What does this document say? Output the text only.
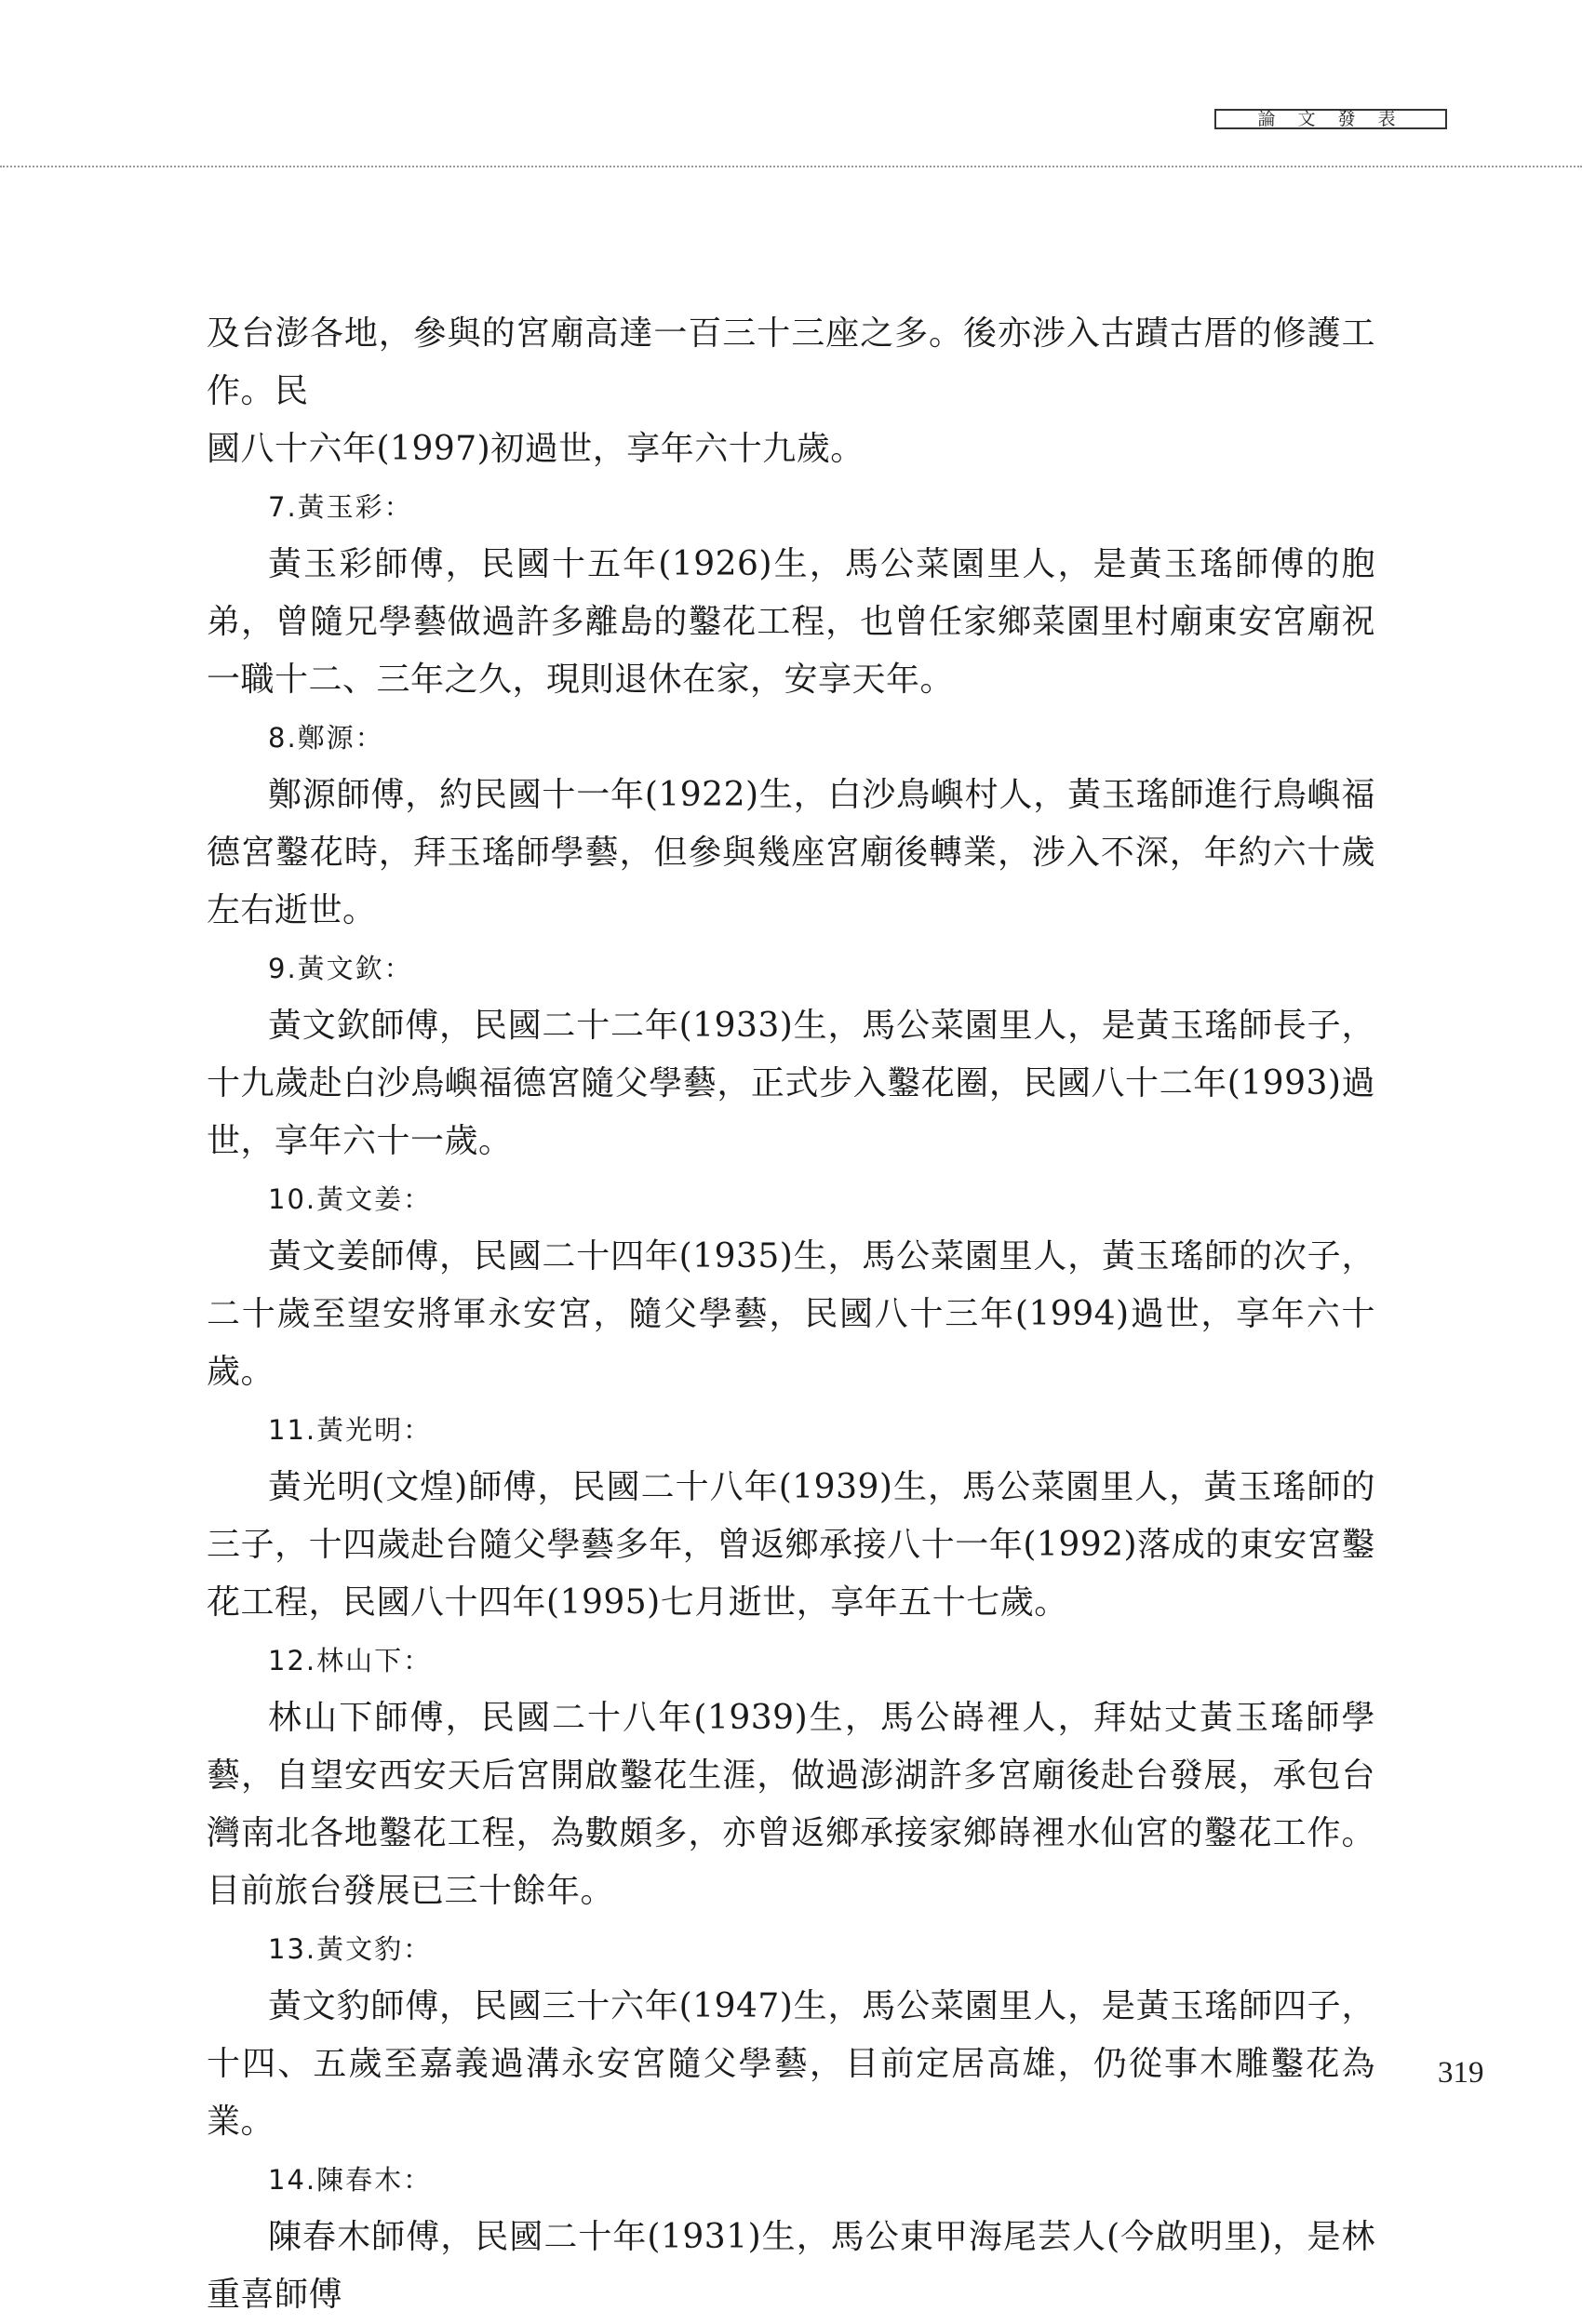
論 文 發 表

及台澎各地，參與的宮廟高達一百三十三座之多。後亦涉入古蹟古厝的修護工作。民

國八十六年(1997)初過世，享年六十九歲。

7.黃玉彩：

黃玉彩師傅，民國十五年(1926)生，馬公菜園里人，是黃玉瑤師傅的胞弟，曾隨兄學藝做過許多離島的鑿花工程，也曾任家鄉菜園里村廟東安宮廟祝一職十二、三年之久，現則退休在家，安享天年。

8.鄭源：

鄭源師傅，約民國十一年(1922)生，白沙鳥嶼村人，黃玉瑤師進行鳥嶼福德宮鑿花時，拜玉瑤師學藝，但參與幾座宮廟後轉業，涉入不深，年約六十歲左右逝世。

9.黃文欽：

黃文欽師傅，民國二十二年(1933)生，馬公菜園里人，是黃玉瑤師長子，十九歲赴白沙鳥嶼福德宮隨父學藝，正式步入鑿花圈，民國八十二年(1993)過世，享年六十一歲。

10.黃文姜：

黃文姜師傅，民國二十四年(1935)生，馬公菜園里人，黃玉瑤師的次子，二十歲至望安將軍永安宮，隨父學藝，民國八十三年(1994)過世，享年六十歲。

11.黃光明：

黃光明(文煌)師傅，民國二十八年(1939)生，馬公菜園里人，黃玉瑤師的三子，十四歲赴台隨父學藝多年，曾返鄉承接八十一年(1992)落成的東安宮鑿花工程，民國八十四年(1995)七月逝世，享年五十七歲。

12.林山下：

林山下師傅，民國二十八年(1939)生，馬公嵵裡人，拜姑丈黃玉瑤師學藝，自望安西安天后宮開啟鑿花生涯，做過澎湖許多宮廟後赴台發展，承包台灣南北各地鑿花工程，為數頗多，亦曾返鄉承接家鄉嵵裡水仙宮的鑿花工作。目前旅台發展已三十餘年。

13.黃文豹：

黃文豹師傅，民國三十六年(1947)生，馬公菜園里人，是黃玉瑤師四子，十四、五歲至嘉義過溝永安宮隨父學藝，目前定居高雄，仍從事木雕鑿花為業。

14.陳春木：

陳春木師傅，民國二十年(1931)生，馬公東甲海尾芸人(今啟明里)，是林重喜師傅

319
